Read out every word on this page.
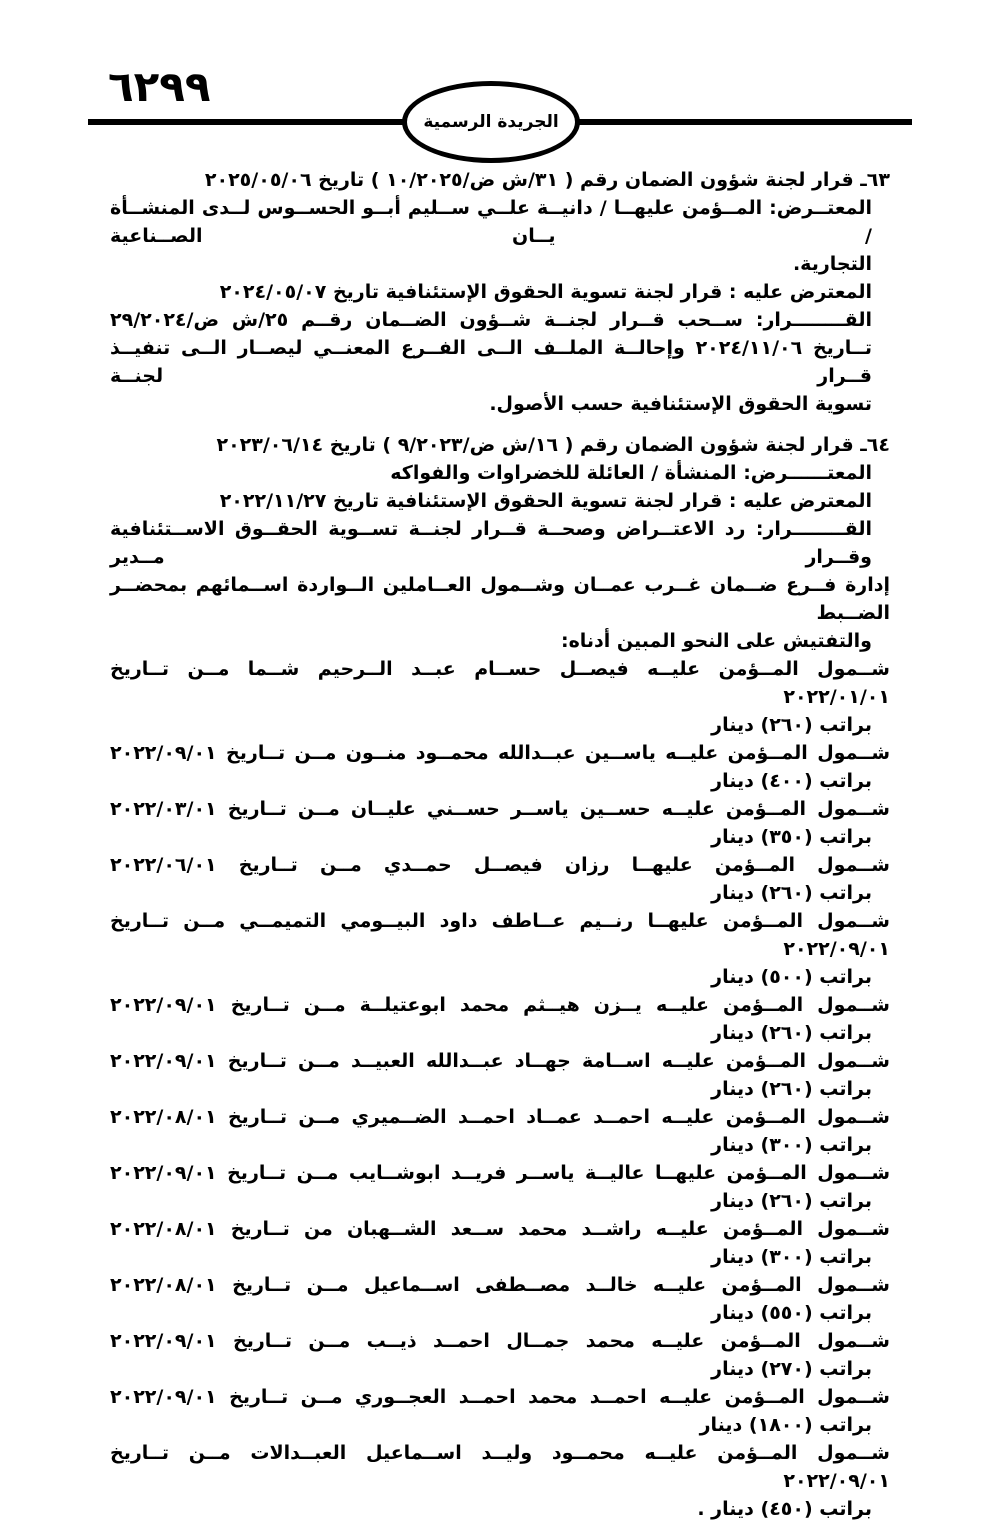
٦٢٩٩
الجريدة الرسمية

٦٣ـ قرار لجنة شؤون الضمان رقم ( ٣١/ش ض/١٠/٢٠٢٥ ) تاريخ ٢٠٢٥/٠٥/٠٦

المعتــرض: المــؤمن عليهــا / دانيــة علــي ســليم أبــو الحســوس لــدى المنشــأة / يــان الصــناعية

التجارية.

المعترض عليه : قرار لجنة تسوية الحقوق الإستئنافية تاريخ ٢٠٢٤/٠٥/٠٧

القــــــــرار: ســحب قــرار لجنــة شــؤون الضــمان رقــم ٢٥/ش ض/٢٩/٢٠٢٤

تــاريخ ٢٠٢٤/١١/٠٦ وإحالــة الملــف الــى الفــرع المعنــي ليصــار الــى تنفيــذ قــرار لجنــة

تسوية الحقوق الإستئنافية حسب الأصول.

٦٤ـ قرار لجنة شؤون الضمان رقم ( ١٦/ش ض/٩/٢٠٢٣ ) تاريخ ٢٠٢٣/٠٦/١٤

المعتــــــرض: المنشأة / العائلة للخضراوات والفواكه

المعترض عليه : قرار لجنة تسوية الحقوق الإستئنافية تاريخ ٢٠٢٢/١١/٢٧

القــــــــرار: رد الاعتــراض وصحــة قــرار لجنــة تســوية الحقــوق الاســتئنافية وقــرار مــدير

إدارة فــرع ضــمان غــرب عمــان وشــمول العــاملين الــواردة اســمائهم بمحضــر الضــبط

والتفتيش على النحو المبين أدناه:

شــمول المــؤمن عليــه فيصــل حســام عبــد الــرحيم شــما مــن تــاريخ ٢٠٢٢/٠١/٠١

براتب (٢٦٠) دينار

شــمول المــؤمن عليــه ياســين عبــدالله محمــود منــون مــن تــاريخ ٢٠٢٢/٠٩/٠١

براتب (٤٠٠) دينار

شــمول المــؤمن عليــه حســين ياســر حســني عليــان مــن تــاريخ ٢٠٢٢/٠٣/٠١

براتب (٣٥٠) دينار

شــمول المــؤمن عليهــا رزان فيصــل حمــدي مــن تــاريخ ٢٠٢٢/٠٦/٠١

براتب (٢٦٠) دينار

شــمول المــؤمن عليهــا رنــيم عــاطف داود البيــومي التميمــي مــن تــاريخ ٢٠٢٢/٠٩/٠١

براتب (٥٠٠) دينار

شــمول المــؤمن عليــه يــزن هيــثم محمد ابوعتيلــة مــن تــاريخ ٢٠٢٢/٠٩/٠١

براتب (٢٦٠) دينار

شــمول المــؤمن عليــه اســامة جهــاد عبــدالله العبيــد مــن تــاريخ ٢٠٢٢/٠٩/٠١

براتب (٢٦٠) دينار

شــمول المــؤمن عليــه احمــد عمــاد احمــد الضــميري مــن تــاريخ ٢٠٢٢/٠٨/٠١

براتب (٣٠٠) دينار

شــمول المــؤمن عليهــا عاليــة ياســر فريــد ابوشــايب مــن تــاريخ ٢٠٢٢/٠٩/٠١

براتب (٢٦٠) دينار

شــمول المــؤمن عليــه راشــد محمد ســعد الشــهبان من تــاريخ ٢٠٢٢/٠٨/٠١

براتب (٣٠٠) دينار

شــمول المــؤمن عليــه خالــد مصــطفى اســماعيل مــن تــاريخ ٢٠٢٢/٠٨/٠١

براتب (٥٥٠) دينار

شــمول المــؤمن عليــه محمد جمــال احمــد ذيــب مــن تــاريخ ٢٠٢٢/٠٩/٠١

براتب (٢٧٠) دينار

شــمول المــؤمن عليــه احمــد محمد احمــد العجــوري مــن تــاريخ ٢٠٢٢/٠٩/٠١

براتب (١٨٠٠) دينار

شــمول المــؤمن عليــه محمــود وليــد اســماعيل العبــدالات مــن تــاريخ ٢٠٢٢/٠٩/٠١

براتب (٤٥٠) دينار .
